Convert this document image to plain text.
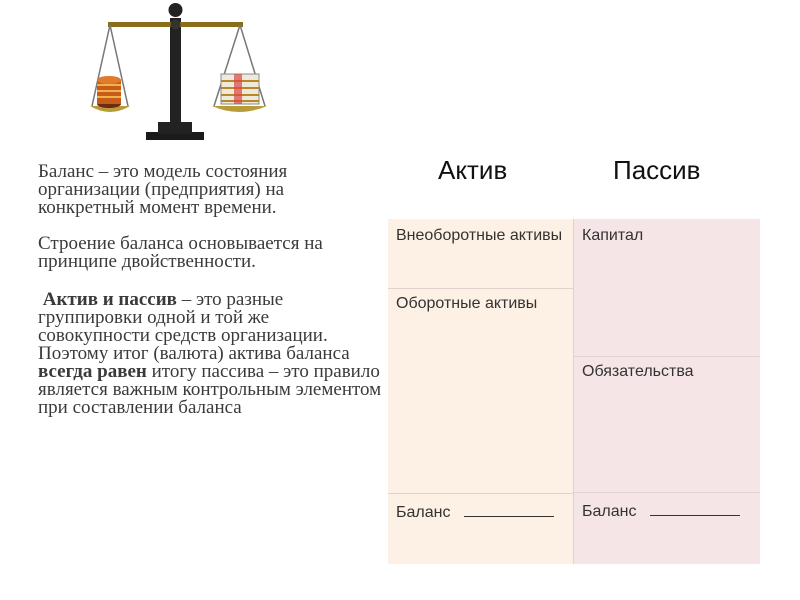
Баланс – это модель состояния организации (предприятия) на конкретный момент времени.

Строение баланса основывается на принципе двойственности.

Актив и пассив – это разные группировки одной и той же совокупности средств организации. Поэтому итог (валюта) актива баланса всегда равен итогу пассива – это правило является важным контрольным элементом при составлении баланса

Актив	Пассив
Внеоборотные активы
Оборотные активы
Капитал
Обязательства
Баланс	Баланс
